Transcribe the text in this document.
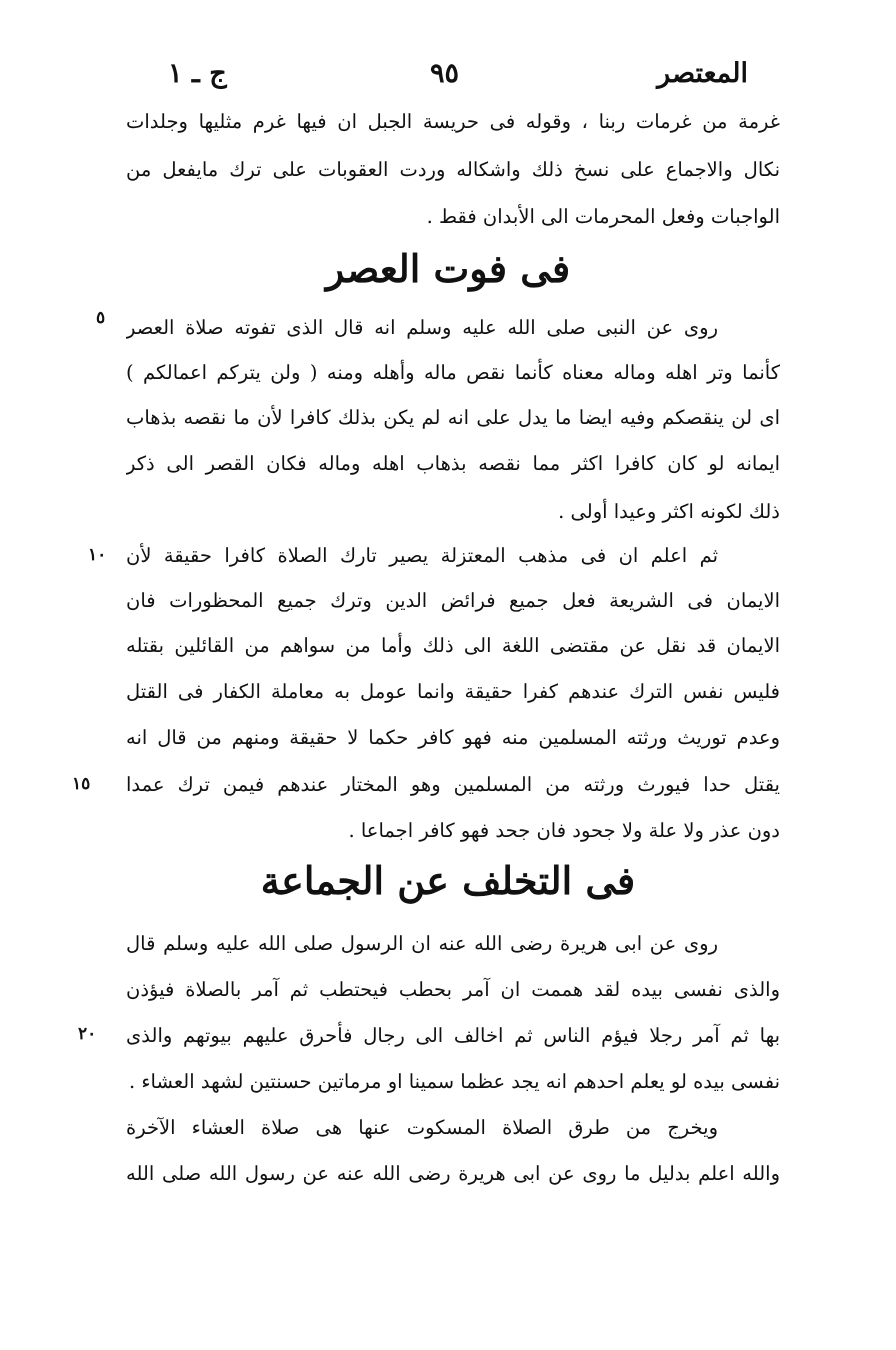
ج ـ ١	٩٥	المعتصر
غرمة من غرمات ربنا ، وقوله فى حريسة الجبل ان فيها غرم مثليها وجلدات
نكال والاجماع على نسخ ذلك واشكاله وردت العقوبات على ترك مايفعل من
الواجبات وفعل المحرمات الى الأبدان فقط .
فى فوت العصر
روى عن النبى صلى الله عليه وسلم انه قال الذى تفوته صلاة العصر
كأنما وتر اهله وماله معناه كأنما نقص ماله وأهله ومنه ( ولن يتركم اعمالكم )
اى لن ينقصكم وفيه ايضا ما يدل على انه لم يكن بذلك كافرا لأن ما نقصه بذهاب
ايمانه لو كان كافرا اكثر مما نقصه بذهاب اهله وماله فكان القصر الى ذكر
ذلك لكونه اكثر وعيدا أولى .
ثم اعلم ان فى مذهب المعتزلة يصير تارك الصلاة كافرا حقيقة لأن
الايمان فى الشريعة فعل جميع فرائض الدين وترك جميع المحظورات فان
الايمان قد نقل عن مقتضى اللغة الى ذلك وأما من سواهم من القائلين بقتله
فليس نفس الترك عندهم كفرا حقيقة وانما عومل به معاملة الكفار فى القتل
وعدم توريث ورثته المسلمين منه فهو كافر حكما لا حقيقة ومنهم من قال انه
يقتل حدا فيورث ورثته من المسلمين وهو المختار عندهم فيمن ترك عمدا
دون عذر ولا علة ولا جحود فان جحد فهو كافر اجماعا .
فى التخلف عن الجماعة
روى عن ابى هريرة رضى الله عنه ان الرسول صلى الله عليه وسلم قال
والذى نفسى بيده لقد هممت ان آمر بحطب فيحتطب ثم آمر بالصلاة فيؤذن
بها ثم آمر رجلا فيؤم الناس ثم اخالف الى رجال فأحرق عليهم بيوتهم والذى
نفسى بيده لو يعلم احدهم انه يجد عظما سمينا او مرماتين حسنتين لشهد العشاء .
ويخرج من طرق الصلاة المسكوت عنها هى صلاة العشاء الآخرة
والله اعلم بدليل ما روى عن ابى هريرة رضى الله عنه عن رسول الله صلى الله
٥
١٠
١٥
٢٠
